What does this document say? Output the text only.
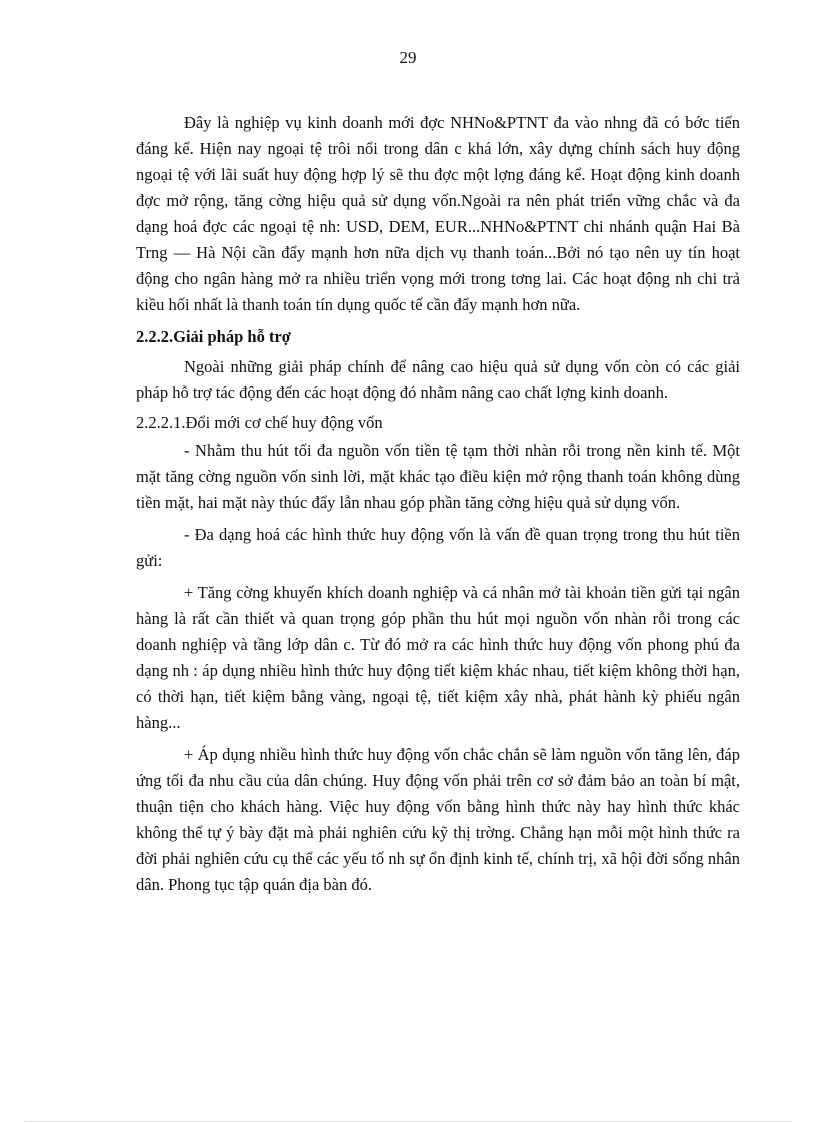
29

Đây là nghiệp vụ kinh doanh mới đợc NHNo&PTNT đa vào nhng đã có bớc tiến đáng kể. Hiện nay ngoại tệ trôi nổi trong dân c khá lớn, xây dựng chính sách huy động ngoại tệ với lãi suất huy động hợp lý sẽ thu đợc một lợng đáng kể. Hoạt động kinh doanh đợc mở rộng, tăng cờng hiệu quả sử dụng vốn.Ngoài ra nên phát triển vững chắc và đa dạng hoá đợc các ngoại tệ nh: USD, DEM, EUR...NHNo&PTNT chi nhánh quận Hai Bà Trng — Hà Nội cần đẩy mạnh hơn nữa dịch vụ thanh toán...Bởi nó tạo nên uy tín hoạt động cho ngân hàng mở ra nhiều triển vọng mới trong tơng lai. Các hoạt động nh chi trả kiều hối nhất là thanh toán tín dụng quốc tế cần đẩy mạnh hơn nữa.

2.2.2.Giải pháp hỗ trợ

Ngoài những giải pháp chính để nâng cao hiệu quả sử dụng vốn còn có các giải pháp hỗ trợ tác động đến các hoạt động đó nhằm nâng cao chất lợng kinh doanh.

2.2.2.1.Đổi mới cơ chế huy động vốn

- Nhằm thu hút tối đa nguồn vốn tiền tệ tạm thời nhàn rỗi trong nền kinh tế. Một mặt tăng cờng nguồn vốn sinh lời, mặt khác tạo điều kiện mở rộng thanh toán không dùng tiền mặt, hai mặt này thúc đẩy lẫn nhau góp phần tăng cờng hiệu quả sử dụng vốn.

- Đa dạng hoá các hình thức huy động vốn là vấn đề quan trọng trong thu hút tiền gửi:

+ Tăng cờng khuyến khích doanh nghiệp và cá nhân mở tài khoản tiền gửi tại ngân hàng là rất cần thiết và quan trọng góp phần thu hút mọi nguồn vốn nhàn rỗi trong các doanh nghiệp và tầng lớp dân c. Từ đó mở ra các hình thức huy động vốn phong phú đa dạng nh : áp dụng nhiều hình thức huy động tiết kiệm khác nhau, tiết kiệm không thời hạn, có thời hạn, tiết kiệm bằng vàng, ngoại tệ, tiết kiệm xây nhà, phát hành kỳ phiếu ngân hàng...

+ Áp dụng nhiều hình thức huy động vốn chắc chắn sẽ làm nguồn vốn tăng lên, đáp ứng tối đa nhu cầu của dân chúng. Huy động vốn phải trên cơ sở đảm bảo an toàn bí mật, thuận tiện cho khách hàng. Việc huy động vốn bằng hình thức này hay hình thức khác không thể tự ý bày đặt mà phải nghiên cứu kỹ thị trờng. Chẳng hạn mỗi một hình thức ra đời phải nghiên cứu cụ thể các yếu tố nh sự ổn định kinh tế, chính trị, xã hội đời sống nhân dân. Phong tục tập quán địa bàn đó.
